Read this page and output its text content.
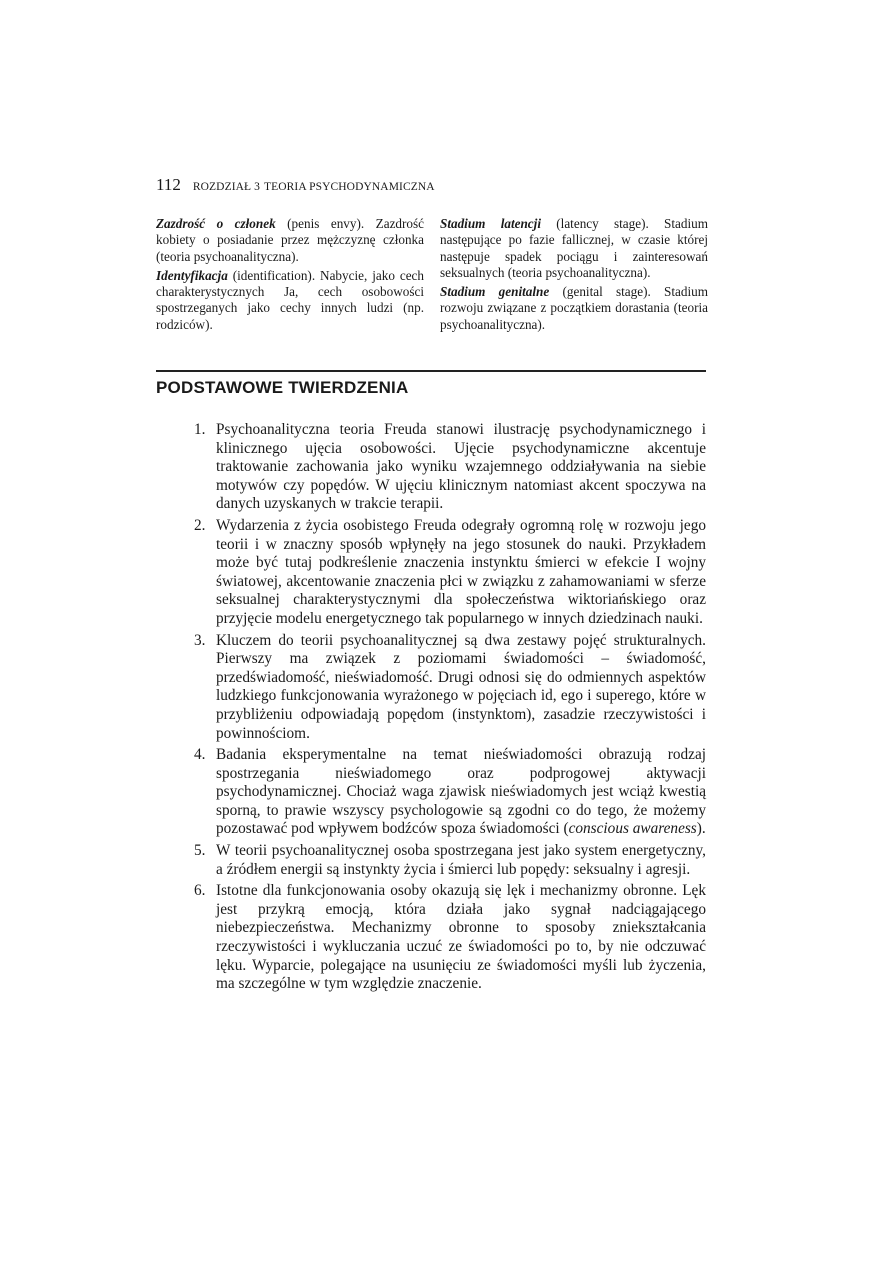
112 ROZDZIAŁ 3 TEORIA PSYCHODYNAMICZNA

Zazdrość o członek (penis envy). Zazdrość kobiety o posiadanie przez mężczyznę członka (teoria psychoanalityczna).

Identyfikacja (identification). Nabycie, jako cech charakterystycznych Ja, cech osobowości spostrzeganych jako cechy innych ludzi (np. rodziców).

Stadium latencji (latency stage). Stadium następujące po fazie fallicznej, w czasie której następuje spadek pociągu i zainteresowań seksualnych (teoria psychoanalityczna).

Stadium genitalne (genital stage). Stadium rozwoju związane z początkiem dorastania (teoria psychoanalityczna).

PODSTAWOWE TWIERDZENIA
1. Psychoanalityczna teoria Freuda stanowi ilustrację psychodynamicznego i klinicznego ujęcia osobowości. Ujęcie psychodynamiczne akcentuje traktowanie zachowania jako wyniku wzajemnego oddziaływania na siebie motywów czy popędów. W ujęciu klinicznym natomiast akcent spoczywa na danych uzyskanych w trakcie terapii.
2. Wydarzenia z życia osobistego Freuda odegrały ogromną rolę w rozwoju jego teorii i w znaczny sposób wpłynęły na jego stosunek do nauki. Przykładem może być tutaj podkreślenie znaczenia instynktu śmierci w efekcie I wojny światowej, akcentowanie znaczenia płci w związku z zahamowaniami w sferze seksualnej charakterystycznymi dla społeczeństwa wiktoriańskiego oraz przyjęcie modelu energetycznego tak popularnego w innych dziedzinach nauki.
3. Kluczem do teorii psychoanalitycznej są dwa zestawy pojęć strukturalnych. Pierwszy ma związek z poziomami świadomości – świadomość, przedświadomość, nieświadomość. Drugi odnosi się do odmiennych aspektów ludzkiego funkcjonowania wyrażonego w pojęciach id, ego i superego, które w przybliżeniu odpowiadają popędom (instynktom), zasadzie rzeczywistości i powinnościom.
4. Badania eksperymentalne na temat nieświadomości obrazują rodzaj spostrzegania nieświadomego oraz podprogowej aktywacji psychodynamicznej. Chociaż waga zjawisk nieświadomych jest wciąż kwestią sporną, to prawie wszyscy psychologowie są zgodni co do tego, że możemy pozostawać pod wpływem bodźców spoza świadomości (conscious awareness).
5. W teorii psychoanalitycznej osoba spostrzegana jest jako system energetyczny, a źródłem energii są instynkty życia i śmierci lub popędy: seksualny i agresji.
6. Istotne dla funkcjonowania osoby okazują się lęk i mechanizmy obronne. Lęk jest przykrą emocją, która działa jako sygnał nadciągającego niebezpieczeństwa. Mechanizmy obronne to sposoby zniekształcania rzeczywistości i wykluczania uczuć ze świadomości po to, by nie odczuwać lęku. Wyparcie, polegające na usunięciu ze świadomości myśli lub życzenia, ma szczególne w tym względzie znaczenie.
